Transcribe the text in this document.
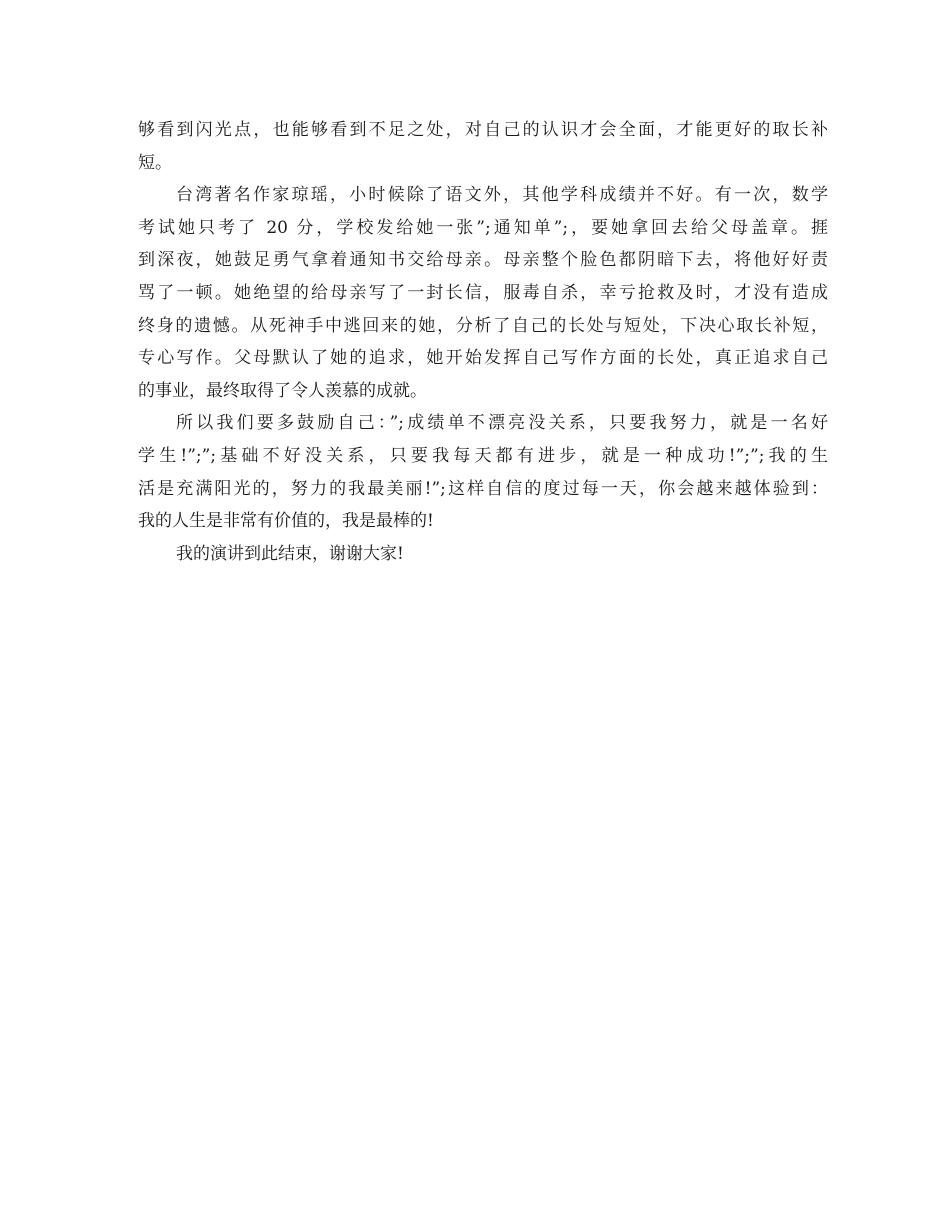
够看到闪光点，也能够看到不足之处，对自己的认识才会全面，才能更好的取长补
短。
台湾著名作家琼瑶，小时候除了语文外，其他学科成绩并不好。有一次，数学
考试她只考了 20 分，学校发给她一张”;通知单”;，要她拿回去给父母盖章。捱
到深夜，她鼓足勇气拿着通知书交给母亲。母亲整个脸色都阴暗下去，将他好好责
骂了一顿。她绝望的给母亲写了一封长信，服毒自杀，幸亏抢救及时，才没有造成
终身的遗憾。从死神手中逃回来的她，分析了自己的长处与短处，下决心取长补短，
专心写作。父母默认了她的追求，她开始发挥自己写作方面的长处，真正追求自己
的事业，最终取得了令人羡慕的成就。
所以我们要多鼓励自己：”;成绩单不漂亮没关系，只要我努力，就是一名好
学生!”;”;基础不好没关系，只要我每天都有进步，就是一种成功!”;”;我的生
活是充满阳光的，努力的我最美丽!”;这样自信的度过每一天，你会越来越体验到：
我的人生是非常有价值的，我是最棒的!
我的演讲到此结束，谢谢大家!
